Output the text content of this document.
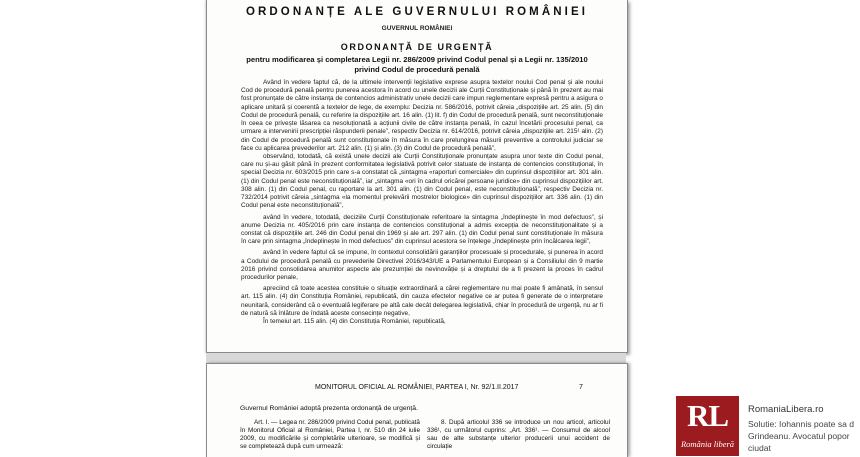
ORDONANȚE ALE GUVERNULUI ROMÂNIEI
GUVERNUL ROMÂNIEI
ORDONANȚĂ DE URGENȚĂ
pentru modificarea și completarea Legii nr. 286/2009 privind Codul penal și a Legii nr. 135/2010
privind Codul de procedură penală

Având în vedere faptul că, de la ultimele intervenții legislative exprese asupra textelor noului Cod penal și ale noului Cod de procedură penală pentru punerea acestora în acord cu unele decizii ale Curții Constituționale și până în prezent au mai fost pronunțate de către instanța de contencios administrativ unele decizii care impun reglementare expresă pentru a asigura o aplicare unitară și coerentă a textelor de lege, de exemplu: Decizia nr. 586/2016, potrivit căreia „dispozițiile art. 25 alin. (5) din Codul de procedură penală, cu referire la dispozițiile art. 16 alin. (1) lit. f) din Codul de procedură penală, sunt neconstituționale în ceea ce privește lăsarea ca nesoluționată a acțiunii civile de către instanța penală, în cazul încetării procesului penal, ca urmare a intervenirii prescripției răspunderii penale”, respectiv Decizia nr. 614/2016, potrivit căreia „dispozițiile art. 215¹ alin. (2) din Codul de procedură penală sunt constituționale în măsura în care prelungirea măsurii preventive a controlului judiciar se face cu aplicarea prevederilor art. 212 alin. (1) și alin. (3) din Codul de procedură penală”,

observând, totodată, că există unele decizii ale Curții Constituționale pronunțate asupra unor texte din Codul penal, care nu și-au găsit până în prezent conformitatea legislativă potrivit celor statuate de instanța de contencios constituțional, în special Decizia nr. 603/2015 prin care s-a constatat că „sintagma «raporturi comerciale» din cuprinsul dispozițiilor art. 301 alin. (1) din Codul penal este neconstituțională”, iar „sintagma «ori în cadrul oricărei persoane juridice» din cuprinsul dispozițiilor art. 308 alin. (1) din Codul penal, cu raportare la art. 301 alin. (1) din Codul penal, este neconstituțională”, respectiv Decizia nr. 732/2014 potrivit căreia „sintagma «la momentul prelevării mostrelor biologice» din cuprinsul dispozițiilor art. 336 alin. (1) din Codul penal este neconstituțională”,

având în vedere, totodată, deciziile Curții Constituționale referitoare la sintagma „îndeplinește în mod defectuos”, și anume Decizia nr. 405/2016 prin care instanța de contencios constituțional a admis excepția de neconstituționalitate și a constat că dispozițiile art. 246 din Codul penal din 1969 și ale art. 297 alin. (1) din Codul penal sunt constituționale în măsura în care prin sintagma „îndeplinește în mod defectuos” din cuprinsul acestora se înțelege „îndeplinește prin încălcarea legii”,

având în vedere faptul că se impune, în contextul consolidării garanțiilor procesuale și procedurale, și punerea în acord a Codului de procedură penală cu prevederile Directivei 2016/343/UE a Parlamentului European și a Consiliului din 9 martie 2016 privind consolidarea anumitor aspecte ale prezumției de nevinovăție și a dreptului de a fi prezent la proces în cadrul procedurilor penale,

apreciind că toate acestea constituie o situație extraordinară a cărei reglementare nu mai poate fi amânată, în sensul art. 115 alin. (4) din Constituția României, republicată, din cauza efectelor negative ce ar putea fi generate de o interpretare neunitară, considerând că o eventuală legiferare pe altă cale decât delegarea legislativă, chiar în procedură de urgență, nu ar fi de natură să înlăture de îndată aceste consecințe negative,

În temeiul art. 115 alin. (4) din Constituția României, republicată,

MONITORUL OFICIAL AL ROMÂNIEI, PARTEA I, Nr. 92/1.II.2017	7
Guvernul României adoptă prezenta ordonanță de urgență.

Art. I. — Legea nr. 286/2009 privind Codul penal, publicată în Monitorul Oficial al României, Partea I, nr. 510 din 24 iulie 2009, cu modificările și completările ulterioare, se modifică și se completează după cum urmează:

8. După articolul 336 se introduce un nou articol, articolul 336¹, cu următorul cuprins: „Art. 336¹. — Consumul de alcool sau de alte substanțe ulterior producerii unui accident de circulație

RL
România liberă
RomaniaLibera.ro
Solutie: Iohannis poate sa d
Grindeanu. Avocatul popor
ciudat
